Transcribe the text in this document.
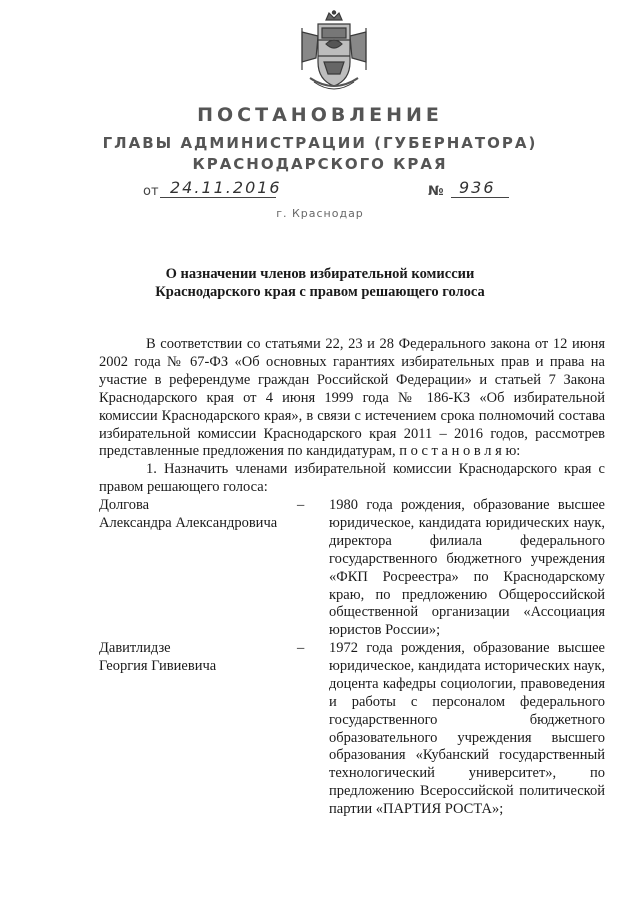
ПОСТАНОВЛЕНИЕ
ГЛАВЫ АДМИНИСТРАЦИИ (ГУБЕРНАТОРА)
КРАСНОДАРСКОГО КРАЯ
от 24.11.2016	№ 936
г. Краснодар
О назначении членов избирательной комиссии
Краснодарского края с правом решающего голоса

В соответствии со статьями 22, 23 и 28 Федерального закона от 12 июня 2002 года № 67-ФЗ «Об основных гарантиях избирательных прав и права на участие в референдуме граждан Российской Федерации» и статьей 7 Закона Краснодарского края от 4 июня 1999 года № 186-КЗ «Об избирательной комиссии Краснодарского края», в связи с истечением срока полномочий состава избирательной комиссии Краснодарского края 2011 – 2016 годов, рассмотрев представленные предложения по кандидатурам, п о с т а н о в л я ю:

1. Назначить членами избирательной комиссии Краснодарского края с правом решающего голоса:

Долгова
Александра Александровича
– 1980 года рождения, образование высшее юридическое, кандидата юридических наук, директора филиала федерального государственного бюджетного учреждения «ФКП Росреестра» по Краснодарскому краю, по предложению Общероссийской общественной организации «Ассоциация юристов России»;
Давитлидзе
Георгия Гивиевича
– 1972 года рождения, образование высшее юридическое, кандидата исторических наук, доцента кафедры социологии, правоведения и работы с персоналом федерального государственного бюджетного образовательного учреждения высшего образования «Кубанский государственный технологический университет», по предложению Всероссийской политической партии «ПАРТИЯ РОСТА»;
